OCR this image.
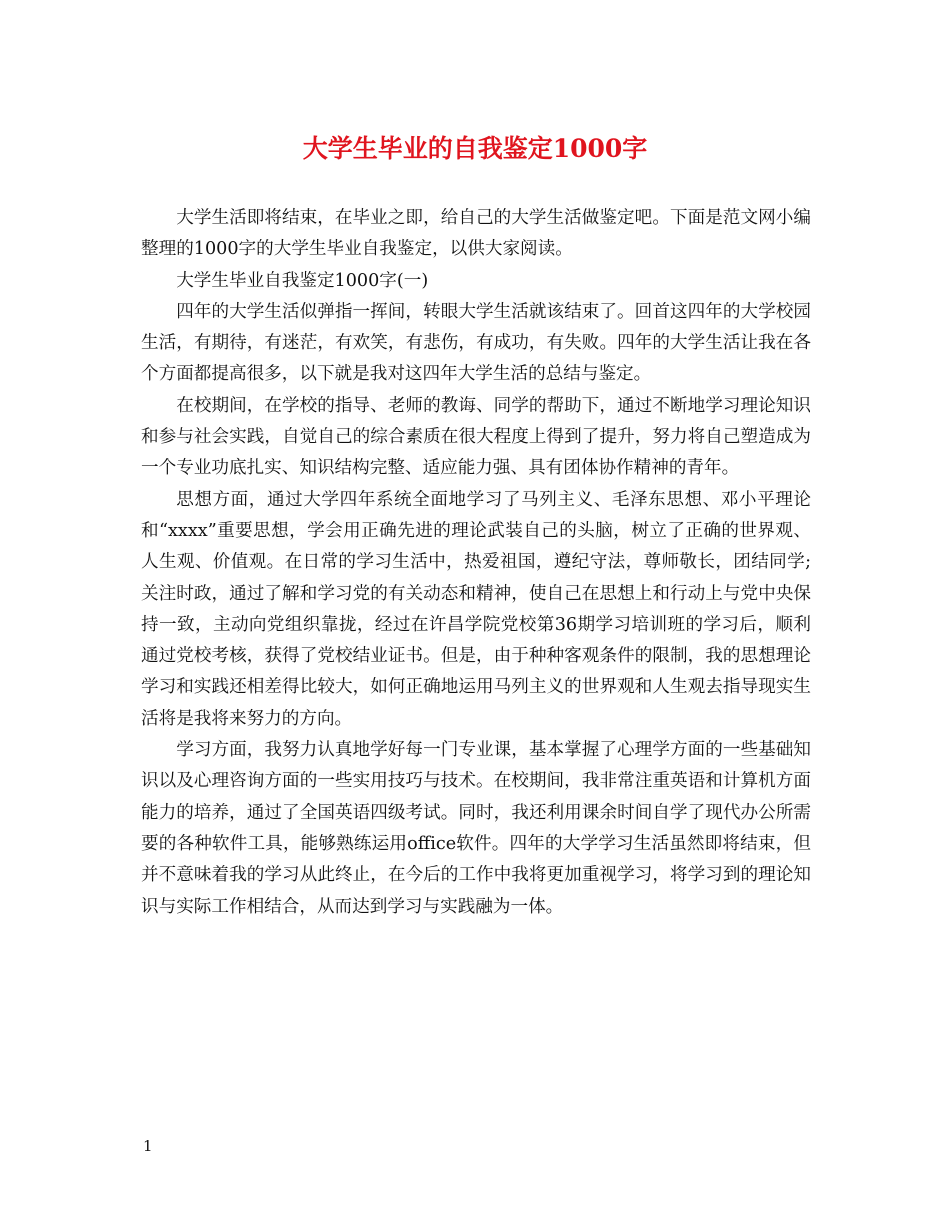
大学生毕业的自我鉴定1000字

大学生活即将结束，在毕业之即，给自己的大学生活做鉴定吧。下面是范文网小编整理的1000字的大学生毕业自我鉴定，以供大家阅读。

大学生毕业自我鉴定1000字(一)

四年的大学生活似弹指一挥间，转眼大学生活就该结束了。回首这四年的大学校园生活，有期待，有迷茫，有欢笑，有悲伤，有成功，有失败。四年的大学生活让我在各个方面都提高很多，以下就是我对这四年大学生活的总结与鉴定。

在校期间，在学校的指导、老师的教诲、同学的帮助下，通过不断地学习理论知识和参与社会实践，自觉自己的综合素质在很大程度上得到了提升，努力将自己塑造成为一个专业功底扎实、知识结构完整、适应能力强、具有团体协作精神的青年。

思想方面，通过大学四年系统全面地学习了马列主义、毛泽东思想、邓小平理论和“xxxx”重要思想，学会用正确先进的理论武装自己的头脑，树立了正确的世界观、人生观、价值观。在日常的学习生活中，热爱祖国，遵纪守法，尊师敬长，团结同学;关注时政，通过了解和学习党的有关动态和精神，使自己在思想上和行动上与党中央保持一致，主动向党组织靠拢，经过在许昌学院党校第36期学习培训班的学习后，顺利通过党校考核，获得了党校结业证书。但是，由于种种客观条件的限制，我的思想理论学习和实践还相差得比较大，如何正确地运用马列主义的世界观和人生观去指导现实生活将是我将来努力的方向。

学习方面，我努力认真地学好每一门专业课，基本掌握了心理学方面的一些基础知识以及心理咨询方面的一些实用技巧与技术。在校期间，我非常注重英语和计算机方面能力的培养，通过了全国英语四级考试。同时，我还利用课余时间自学了现代办公所需要的各种软件工具，能够熟练运用office软件。四年的大学学习生活虽然即将结束，但并不意味着我的学习从此终止，在今后的工作中我将更加重视学习，将学习到的理论知识与实际工作相结合，从而达到学习与实践融为一体。

1
